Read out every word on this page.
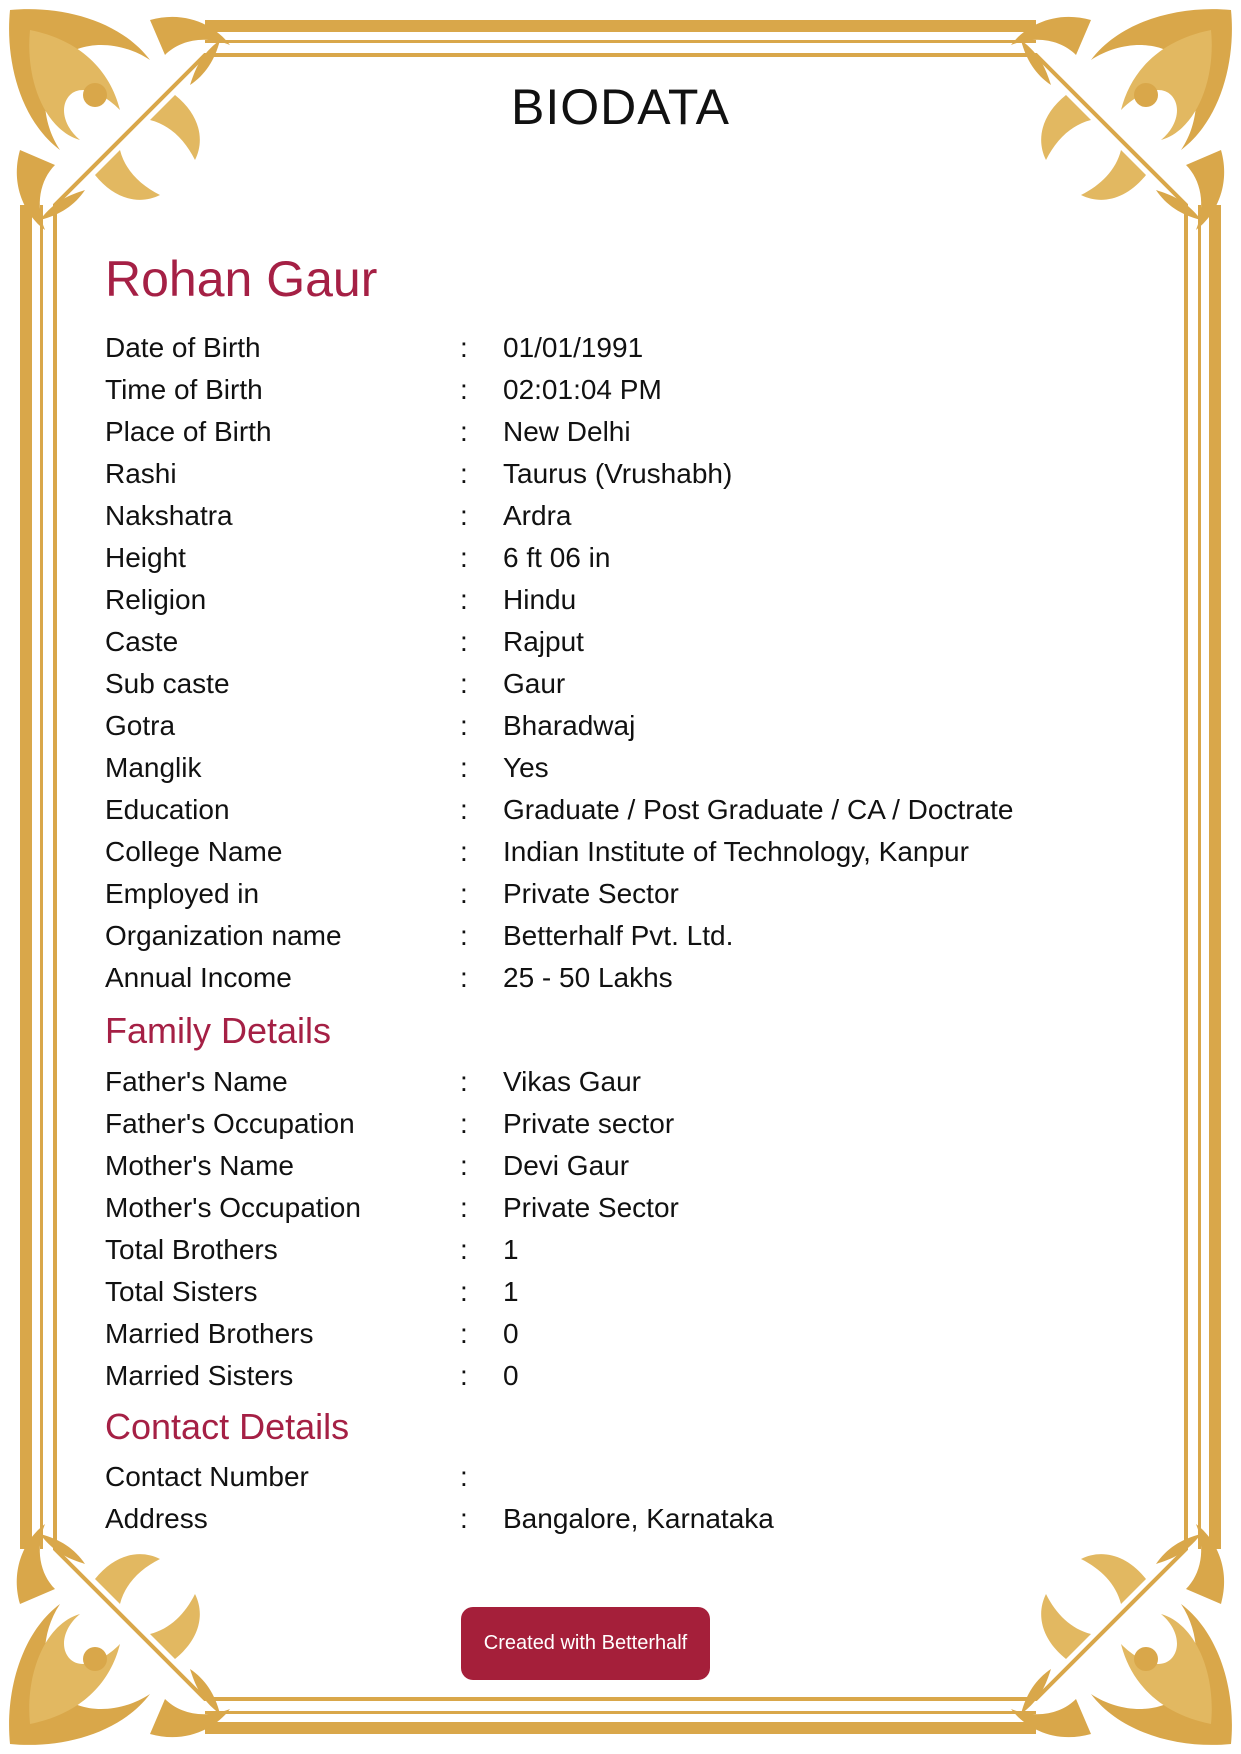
BIODATA
Rohan Gaur
Date of Birth	: 01/01/1991
Time of Birth	: 02:01:04 PM
Place of Birth	: New Delhi
Rashi	: Taurus (Vrushabh)
Nakshatra	: Ardra
Height	: 6 ft 06 in
Religion	: Hindu
Caste	: Rajput
Sub caste	: Gaur
Gotra	: Bharadwaj
Manglik	: Yes
Education	: Graduate / Post Graduate / CA / Doctrate
College Name	: Indian Institute of Technology, Kanpur
Employed in	: Private Sector
Organization name	: Betterhalf Pvt. Ltd.
Annual Income	: 25 - 50 Lakhs
Family Details
Father's Name	: Vikas Gaur
Father's Occupation	: Private sector
Mother's Name	: Devi Gaur
Mother's Occupation	: Private Sector
Total Brothers	: 1
Total Sisters	: 1
Married Brothers	: 0
Married Sisters	: 0
Contact Details
Contact Number	:
Address	: Bangalore, Karnataka
Created with Betterhalf
